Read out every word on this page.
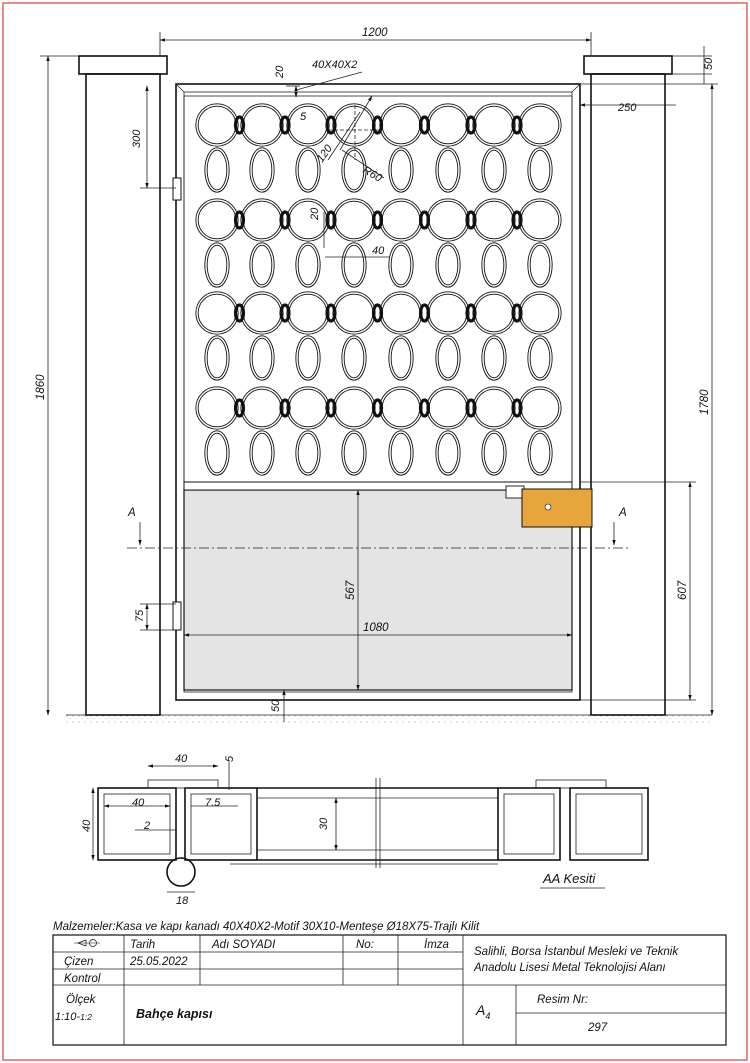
A	A
1200
40X40X2
20
50
250
300
5
120
R60
20
40
1860
1780
567	607
75
1080
50
40	5
40	7.5
2
40	30
18
AA Kesiti
Malzemeler:Kasa ve kapı kanadı 40X40X2-Motif 30X10-Menteşe Ø18X75-Trajlı Kilit
Tarih	Adı SOYADI	No:	İmza
Çizen	25.05.2022
Kontrol
Salihli, Borsa İstanbul Mesleki ve Teknik
Anadolu Lisesi Metal Teknolojisi Alanı
Ölçek
1:10-1:2	Bahçe kapısı	$A_4$
Resim Nr:
297
